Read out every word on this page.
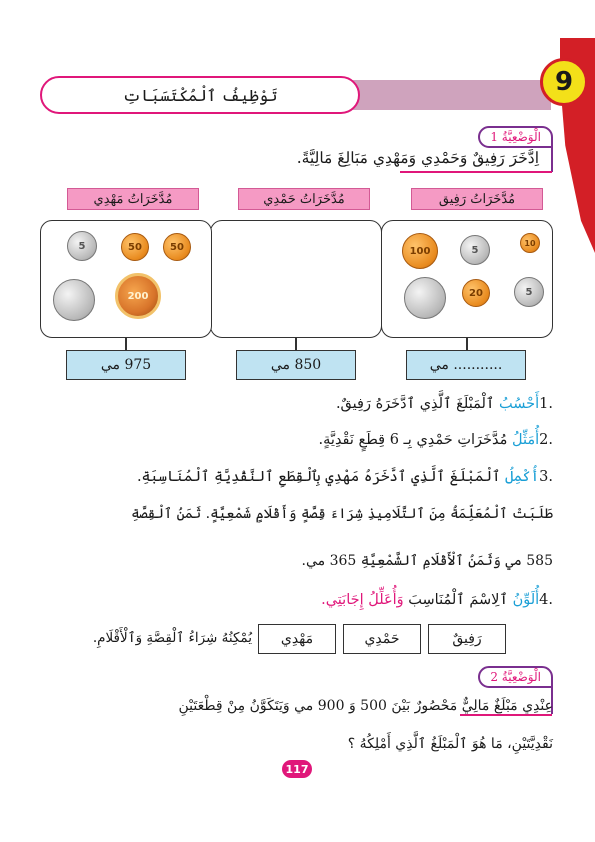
تَوْظِيفُ ٱلْمُكْتَسَبَاتِ	9
الْوَضْعِيَّةُ 1
اِدَّخَرَ رَفِيقٌ وَحَمْدِي وَمَهْدِي مَبَالِغَ مَالِيَّةً.
مُدَّخَرَاتُ رَفِيق
مُدَّخَرَاتُ حَمْدِي
مُدَّخَرَاتُ مَهْدِي
100	5
10
20	5
5	50	50
200
........... مي
850 مي
975 مي
.1أَحْسُبُ ٱلْمَبْلَغَ ٱلَّذِي ٱدَّخَرَهُ رَفِيقٌ.
.2أُمَثِّلُ مُدَّخَرَاتِ حَمْدِي بِـ 6 قِطَعٍ نَقْدِيَّةٍ.
.3أُكْمِلُ ٱلْمَبْلَغَ ٱلَّذِي ٱدَّخَرَهُ مَهْدِي بِٱلْقِطَعِ ٱلنَّقْدِيَّةِ ٱلْمُنَاسِبَةِ.
طَلَبَتْ ٱلْمُعَلِّمَةُ مِنَ ٱلتَّلَامِيذِ شِرَاءَ قِصَّةٍ وَأَقْلَامٍ شَمْعِيَّةٍ. ثَمَنُ ٱلْقِصَّةِ
585 مي وَثَمَنُ ٱلْأَقْلَامِ ٱلشَّمْعِيَّةِ 365 مي.
.4أُلَوِّنُ ٱلِاسْمَ ٱلْمُنَاسِبَ وَأُعَلِّلُ إِجَابَتِي.
رَفِيقٌ
حَمْدِي
مَهْدِي
يُمْكِنُهُ شِرَاءُ ٱلْقِصَّةِ وَٱلْأَقْلَامِ.
الْوَضْعِيَّةُ 2
عِنْدِي مَبْلَغٌ مَالِيٌّ مَحْصُورٌ بَيْنَ 500 وَ 900 مي وَيَتَكَوَّنُ مِنْ قِطْعَتَيْنِ
نَقْدِيَّتَيْنِ، مَا هُوَ ٱلْمَبْلَغُ ٱلَّذِي أَمْلِكُهُ ؟
117
